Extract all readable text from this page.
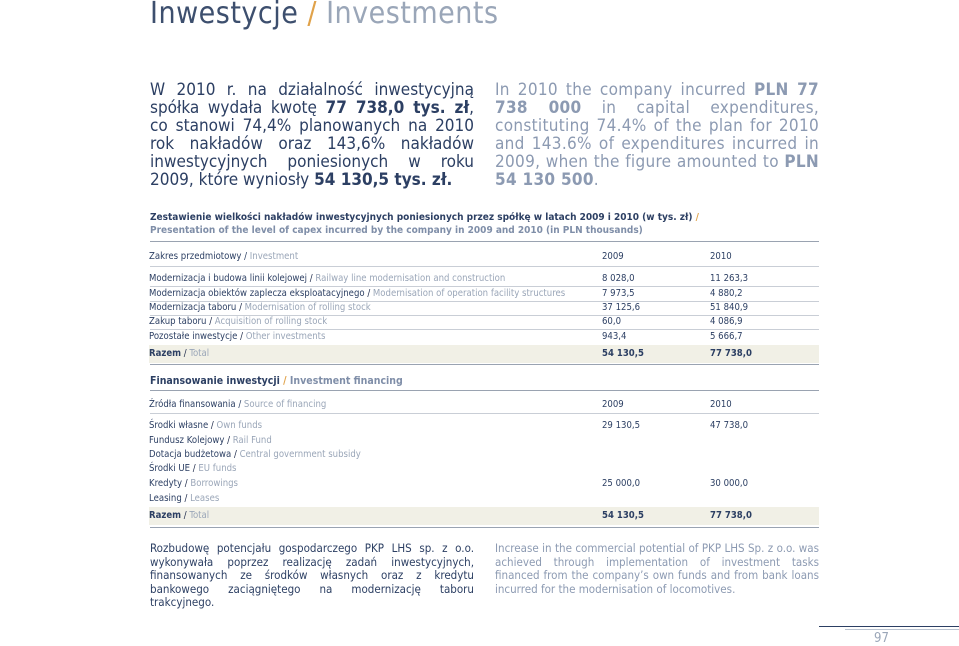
Inwestycje / Investments
W 2010 r. na działalność inwestycyjną spółka wydała kwotę 77 738,0 tys. zł, co stanowi 74,4% planowanych na 2010 rok nakładów oraz 143,6% nakładów inwestycyjnych poniesionych w roku 2009, które wyniosły 54 130,5 tys. zł.
In 2010 the company incurred PLN 77 738 000 in capital expenditures, constituting 74.4% of the plan for 2010 and 143.6% of expenditures incurred in 2009, when the figure amounted to PLN 54 130 500.
Zestawienie wielkości nakładów inwestycyjnych poniesionych przez spółkę w latach 2009 i 2010 (w tys. zł) /
Presentation of the level of capex incurred by the company in 2009 and 2010 (in PLN thousands)
Zakres przedmiotowy / Investment	2009	2010
Modernizacja i budowa linii kolejowej / Railway line modernisation and construction	8 028,0	11 263,3
Modernizacja obiektów zaplecza eksploatacyjnego / Modernisation of operation facility structures	7 973,5	4 880,2
Modernizacja taboru / Modernisation of rolling stock	37 125,6	51 840,9
Zakup taboru / Acquisition of rolling stock	60,0	4 086,9
Pozostałe inwestycje / Other investments	943,4	5 666,7
Razem / Total	54 130,5	77 738,0
Finansowanie inwestycji / Investment financing
Źródła finansowania / Source of financing	2009	2010
Środki własne / Own funds	29 130,5	47 738,0
Fundusz Kolejowy / Rail Fund
Dotacja budżetowa / Central government subsidy
Środki UE / EU funds
Kredyty / Borrowings	25 000,0	30 000,0
Leasing / Leases
Razem / Total	54 130,5	77 738,0
Rozbudowę potencjału gospodarczego PKP LHS sp. z o.o. wykonywała poprzez realizację zadań inwestycyjnych, finansowanych ze środków własnych oraz z kredytu bankowego zaciągniętego na modernizację taboru trakcyjnego.
Increase in the commercial potential of PKP LHS Sp. z o.o. was achieved through implementation of investment tasks financed from the company’s own funds and from bank loans incurred for the modernisation of locomotives.
97
